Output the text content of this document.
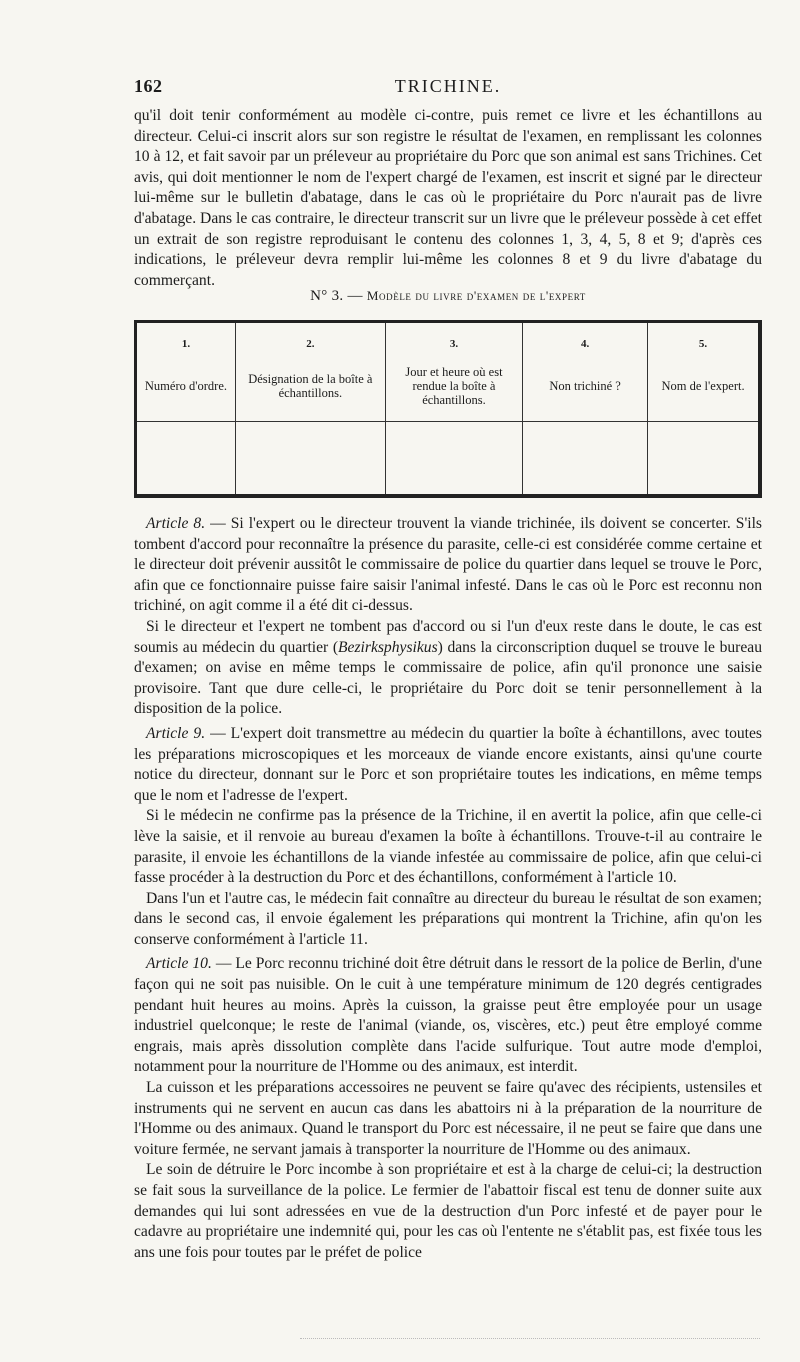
162	TRICHINE.

qu'il doit tenir conformément au modèle ci-contre, puis remet ce livre et les échantillons au directeur. Celui-ci inscrit alors sur son registre le résultat de l'examen, en remplissant les colonnes 10 à 12, et fait savoir par un préleveur au propriétaire du Porc que son animal est sans Trichines. Cet avis, qui doit mentionner le nom de l'expert chargé de l'examen, est inscrit et signé par le directeur lui-même sur le bulletin d'abatage, dans le cas où le propriétaire du Porc n'aurait pas de livre d'abatage. Dans le cas contraire, le directeur transcrit sur un livre que le préleveur possède à cet effet un extrait de son registre reproduisant le contenu des colonnes 1, 3, 4, 5, 8 et 9; d'après ces indications, le préleveur devra remplir lui-même les colonnes 8 et 9 du livre d'abatage du commerçant.

N° 3. — Modèle du livre d'examen de l'expert
1.	2.	3.	4.	5.
Numéro d'ordre.	Désignation de la boîte à échantillons.	Jour et heure où est rendue la boîte à échantillons.	Non trichiné ?	Nom de l'expert.

Article 8. — Si l'expert ou le directeur trouvent la viande trichinée, ils doivent se concerter. S'ils tombent d'accord pour reconnaître la présence du parasite, celle-ci est considérée comme certaine et le directeur doit prévenir aussitôt le commissaire de police du quartier dans lequel se trouve le Porc, afin que ce fonctionnaire puisse faire saisir l'animal infesté. Dans le cas où le Porc est reconnu non trichiné, on agit comme il a été dit ci-dessus.

Si le directeur et l'expert ne tombent pas d'accord ou si l'un d'eux reste dans le doute, le cas est soumis au médecin du quartier (Bezirksphysikus) dans la circonscription duquel se trouve le bureau d'examen; on avise en même temps le commissaire de police, afin qu'il prononce une saisie provisoire. Tant que dure celle-ci, le propriétaire du Porc doit se tenir personnellement à la disposition de la police.

Article 9. — L'expert doit transmettre au médecin du quartier la boîte à échantillons, avec toutes les préparations microscopiques et les morceaux de viande encore existants, ainsi qu'une courte notice du directeur, donnant sur le Porc et son propriétaire toutes les indications, en même temps que le nom et l'adresse de l'expert.

Si le médecin ne confirme pas la présence de la Trichine, il en avertit la police, afin que celle-ci lève la saisie, et il renvoie au bureau d'examen la boîte à échantillons. Trouve-t-il au contraire le parasite, il envoie les échantillons de la viande infestée au commissaire de police, afin que celui-ci fasse procéder à la destruction du Porc et des échantillons, conformément à l'article 10.

Dans l'un et l'autre cas, le médecin fait connaître au directeur du bureau le résultat de son examen; dans le second cas, il envoie également les préparations qui montrent la Trichine, afin qu'on les conserve conformément à l'article 11.

Article 10. — Le Porc reconnu trichiné doit être détruit dans le ressort de la police de Berlin, d'une façon qui ne soit pas nuisible. On le cuit à une température minimum de 120 degrés centigrades pendant huit heures au moins. Après la cuisson, la graisse peut être employée pour un usage industriel quelconque; le reste de l'animal (viande, os, viscères, etc.) peut être employé comme engrais, mais après dissolution complète dans l'acide sulfurique. Tout autre mode d'emploi, notamment pour la nourriture de l'Homme ou des animaux, est interdit.

La cuisson et les préparations accessoires ne peuvent se faire qu'avec des récipients, ustensiles et instruments qui ne servent en aucun cas dans les abattoirs ni à la préparation de la nourriture de l'Homme ou des animaux. Quand le transport du Porc est nécessaire, il ne peut se faire que dans une voiture fermée, ne servant jamais à transporter la nourriture de l'Homme ou des animaux.

Le soin de détruire le Porc incombe à son propriétaire et est à la charge de celui-ci; la destruction se fait sous la surveillance de la police. Le fermier de l'abattoir fiscal est tenu de donner suite aux demandes qui lui sont adressées en vue de la destruction d'un Porc infesté et de payer pour le cadavre au propriétaire une indemnité qui, pour les cas où l'entente ne s'établit pas, est fixée tous les ans une fois pour toutes par le préfet de police
